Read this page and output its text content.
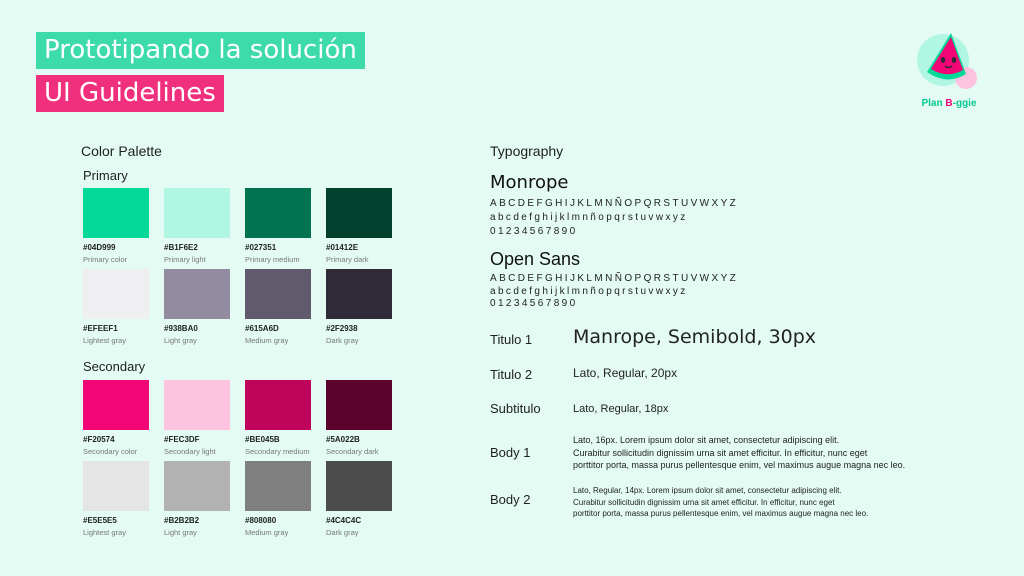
Prototipando la solución
UI Guidelines	Plan B-ggie
Color Palette
Primary
Secondary
#04D999
Primary color
#B1F6E2
Primary light
#027351
Primary medium
#01412E
Primary dark
#EFEEF1
Lightest gray
#938BA0
Light gray
#615A6D
Medium gray
#2F2938
Dark gray
#F20574
Secondary color
#FEC3DF
Secondary light
#BE045B
Secondary medium
#5A022B
Secondary dark
#E5E5E5
Lightest gray
#B2B2B2
Light gray
#808080
Medium gray
#4C4C4C
Dark gray
Typography
Monrope
ABCDEFGHIJKLMNÑOPQRSTUVWXYZ
abcdefghijklmnñopqrstuvwxyz
01234567890
Open Sans
ABCDEFGHIJKLMNÑOPQRSTUVWXYZ
abcdefghijklmnñopqrstuvwxyz
01234567890
Titulo 1 Manrope, Semibold, 30px
Titulo 2	Lato, Regular, 20px
Subtitulo	Lato, Regular, 18px
Body 1
Lato, 16px. Lorem ipsum dolor sit amet, consectetur adipiscing elit.
Curabitur sollicitudin dignissim urna sit amet efficitur. In efficitur, nunc eget
porttitor porta, massa purus pellentesque enim, vel maximus augue magna nec leo.
Body 2
Lato, Regular, 14px. Lorem ipsum dolor sit amet, consectetur adipiscing elit.
Curabitur sollicitudin dignissim urna sit amet efficitur. In efficitur, nunc eget
porttitor porta, massa purus pellentesque enim, vel maximus augue magna nec leo.
